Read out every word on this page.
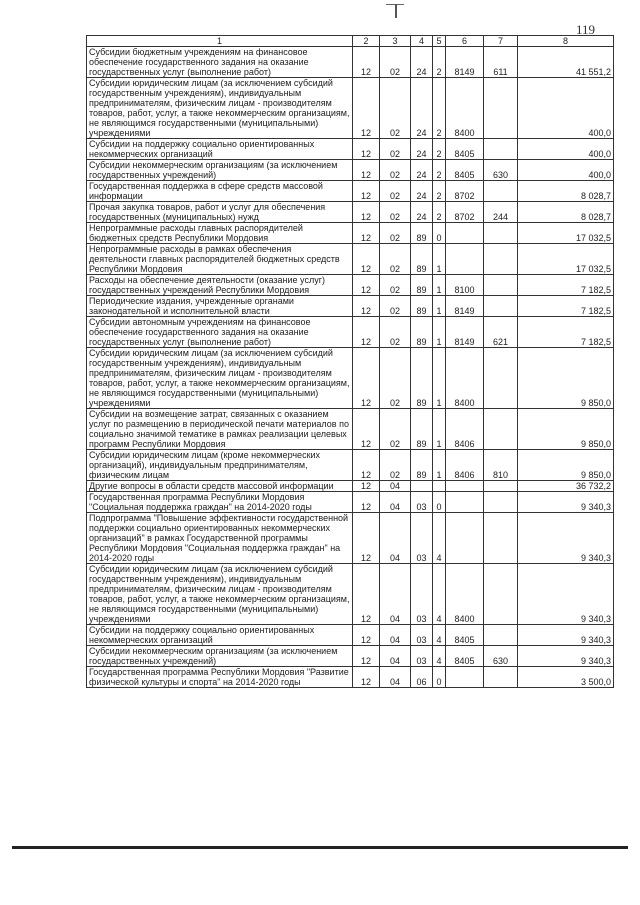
119
1	2	3	4	5	6	7	8
Субсидии бюджетным учреждениям на финансовое обеспечение государственного задания на оказание государственных услуг (выполнение работ)	12	02	24	2	8149	611	41 551,2
Субсидии юридическим лицам (за исключением субсидий государственным учреждениям), индивидуальным предпринимателям, физическим лицам - производителям товаров, работ, услуг, а также некоммерческим организациям, не являющимся государственными (муниципальными) учреждениями	12	02	24	2	8400		400,0
Субсидии на поддержку социально ориентированных некоммерческих организаций	12	02	24	2	8405		400,0
Субсидии некоммерческим организациям (за исключением государственных учреждений)	12	02	24	2	8405	630	400,0
Государственная поддержка в сфере средств массовой информации	12	02	24	2	8702		8 028,7
Прочая закупка товаров, работ и услуг для обеспечения государственных (муниципальных) нужд	12	02	24	2	8702	244	8 028,7
Непрограммные расходы главных распорядителей бюджетных средств Республики Мордовия	12	02	89	0			17 032,5
Непрограммные расходы в рамках обеспечения деятельности главных распорядителей бюджетных средств Республики Мордовия	12	02	89	1			17 032,5
Расходы на обеспечение деятельности (оказание услуг) государственных учреждений Республики Мордовия	12	02	89	1	8100		7 182,5
Периодические издания, учрежденные органами законодательной и исполнительной власти	12	02	89	1	8149		7 182,5
Субсидии автономным учреждениям на финансовое обеспечение государственного задания на оказание государственных услуг (выполнение работ)	12	02	89	1	8149	621	7 182,5
Субсидии юридическим лицам (за исключением субсидий государственным учреждениям), индивидуальным предпринимателям, физическим лицам - производителям товаров, работ, услуг, а также некоммерческим организациям, не являющимся государственными (муниципальными) учреждениями	12	02	89	1	8400		9 850,0
Субсидии на возмещение затрат, связанных с оказанием услуг по размещению в периодической печати материалов по социально значимой тематике в рамках реализации целевых программ Республики Мордовия	12	02	89	1	8406		9 850,0
Субсидии юридическим лицам (кроме некоммерческих организаций), индивидуальным предпринимателям, физическим лицам	12	02	89	1	8406	810	9 850,0
Другие вопросы в области средств массовой информации	12	04					36 732,2
Государственная программа Республики Мордовия "Социальная поддержка граждан" на 2014-2020 годы	12	04	03	0			9 340,3
Подпрограмма "Повышение эффективности государственной поддержки социально ориентированных некоммерческих организаций" в рамках Государственной программы Республики Мордовия "Социальная поддержка граждан" на 2014-2020 годы	12	04	03	4			9 340,3
Субсидии юридическим лицам (за исключением субсидий государственным учреждениям), индивидуальным предпринимателям, физическим лицам - производителям товаров, работ, услуг, а также некоммерческим организациям, не являющимся государственными (муниципальными) учреждениями	12	04	03	4	8400		9 340,3
Субсидии на поддержку социально ориентированных некоммерческих организаций	12	04	03	4	8405		9 340,3
Субсидии некоммерческим организациям (за исключением государственных учреждений)	12	04	03	4	8405	630	9 340,3
Государственная программа Республики Мордовия "Развитие физической культуры и спорта" на 2014-2020 годы	12	04	06	0			3 500,0
